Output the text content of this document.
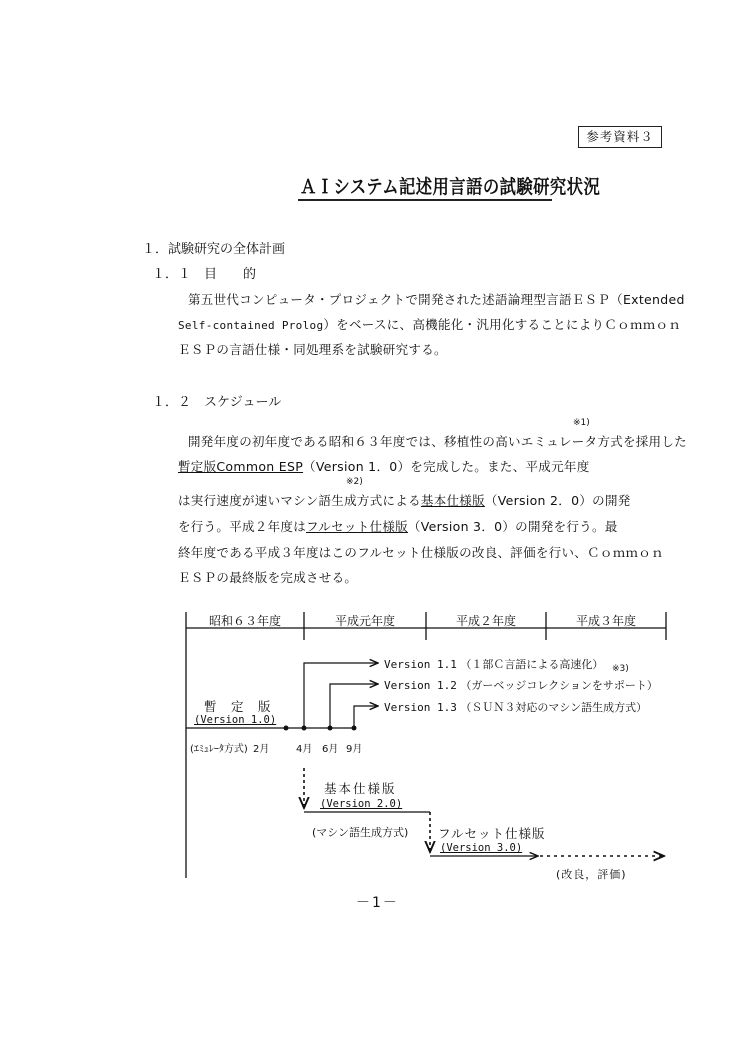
参考資料３
ＡＩシステム記述用言語の試験研究状況
１．試験研究の全体計画
１．１　目　　的
第五世代コンピュータ・プロジェクトで開発された述語論理型言語ＥＳＰ（Extended
Self-contained Prolog）をベースに、高機能化・汎用化することによりＣｏｍｍｏｎ
ＥＳＰの言語仕様・同処理系を試験研究する。
１．２　スケジュール
※1)
開発年度の初年度である昭和６３年度では、移植性の高いエミュレータ方式を採用した
暫定版Common ESP（Version 1．0）を完成した。また、平成元年度
※2)
は実行速度が速いマシン語生成方式による基本仕様版（Version 2．0）の開発
を行う。平成２年度はフルセット仕様版（Version 3．0）の開発を行う。最
終年度である平成３年度はこのフルセット仕様版の改良、評価を行い、Ｃｏｍｍｏｎ
ＥＳＰの最終版を完成させる。
昭和６３年度	平成元年度	平成２年度	平成３年度
Version 1.1 （１部Ｃ言語による高速化） ※3)
Version 1.2 （ガーベッジコレクションをサポート）
Version 1.3 （ＳＵＮ３対応のマシン語生成方式）
暫　定　版
(Version 1.0)
(ｴﾐｭﾚｰﾀ方式) 2月	4月 6月 9月
基本仕様版
(Version 2.0)
(マシン語生成方式) フルセット仕様版
(Version 3.0)
(改良，評価)
－1－
